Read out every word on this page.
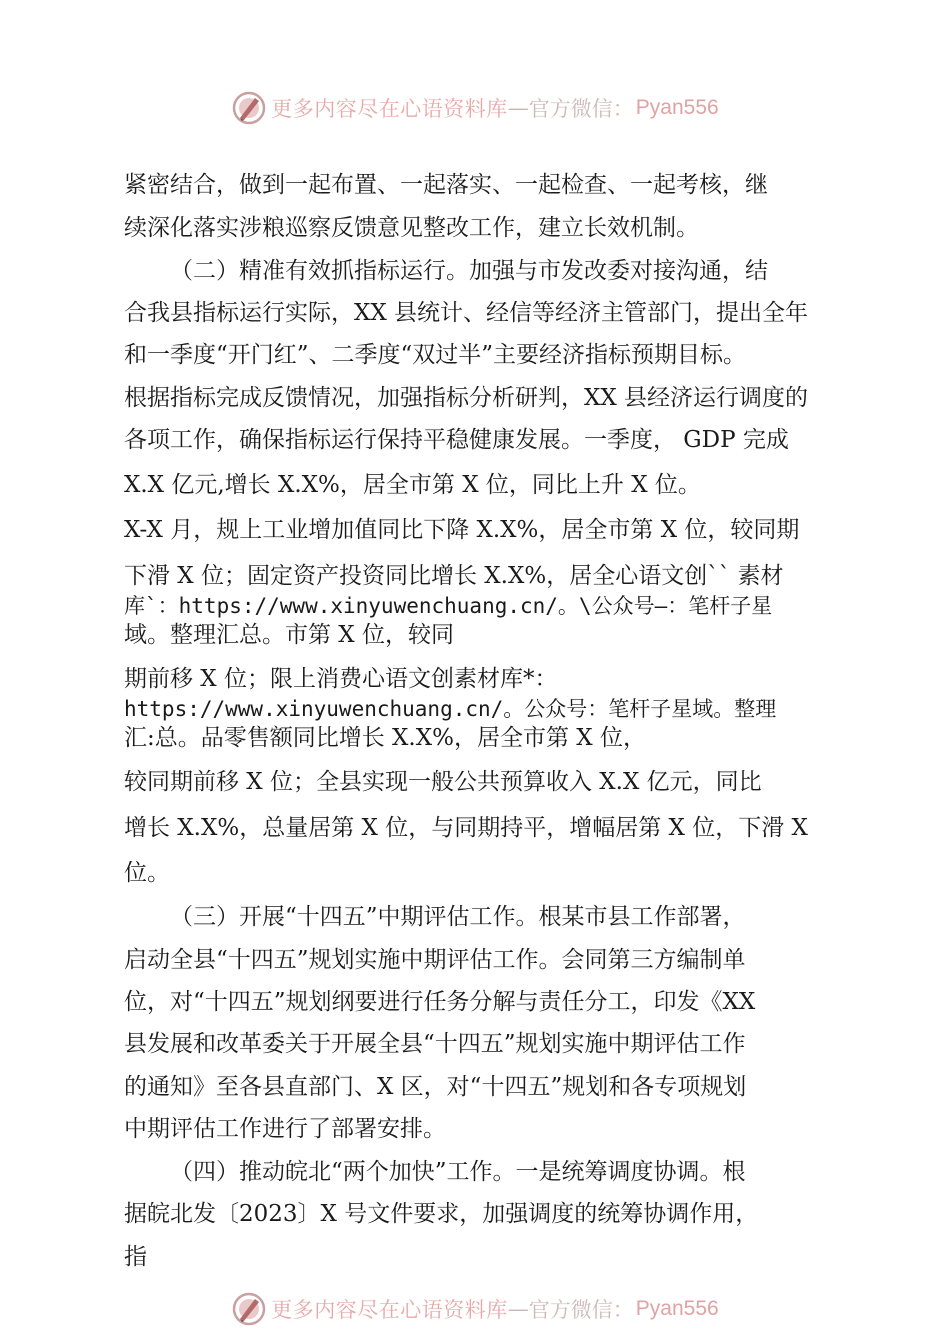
更多内容尽在心语资料库 — 官方微信： Pyan556
紧密结合，做到一起布置、一起落实、一起检查、一起考核，继
续深化落实涉粮巡察反馈意见整改工作，建立长效机制。
（二）精准有效抓指标运行。加强与市发改委对接沟通，结
合我县指标运行实际，XX 县统计、经信等经济主管部门，提出全年
和一季度“开门红”、二季度“双过半”主要经济指标预期目标。
根据指标完成反馈情况，加强指标分析研判，XX 县经济运行调度的
各项工作，确保指标运行保持平稳健康发展。一季度， GDP 完成
X.X 亿元,增长 X.X%，居全市第 X 位，同比上升 X 位。
X-X 月，规上工业增加值同比下降 X.X%，居全市第 X 位，较同期
下滑 X 位；固定资产投资同比增长 X.X%，居全心语文创`` 素材
库`：https://www.xinyuwenchuang.cn/。\公众号—：笔杆子星
域。整理汇总。市第 X 位，较同
期前移 X 位；限上消费心语文创素材库*：
https://www.xinyuwenchuang.cn/。公众号：笔杆子星域。整理
汇:总。品零售额同比增长 X.X%，居全市第 X 位，
较同期前移 X 位；全县实现一般公共预算收入 X.X 亿元，同比
增长 X.X%，总量居第 X 位，与同期持平，增幅居第 X 位，下滑 X
位。
（三）开展“十四五”中期评估工作。根某市县工作部署，
启动全县“十四五”规划实施中期评估工作。会同第三方编制单
位，对“十四五”规划纲要进行任务分解与责任分工，印发《XX
县发展和改革委关于开展全县“十四五”规划实施中期评估工作
的通知》至各县直部门、X 区，对“十四五”规划和各专项规划
中期评估工作进行了部署安排。
（四）推动皖北“两个加快”工作。一是统筹调度协调。根
据皖北发〔2023〕X 号文件要求，加强调度的统筹协调作用，
指
更多内容尽在心语资料库 — 官方微信： Pyan556
